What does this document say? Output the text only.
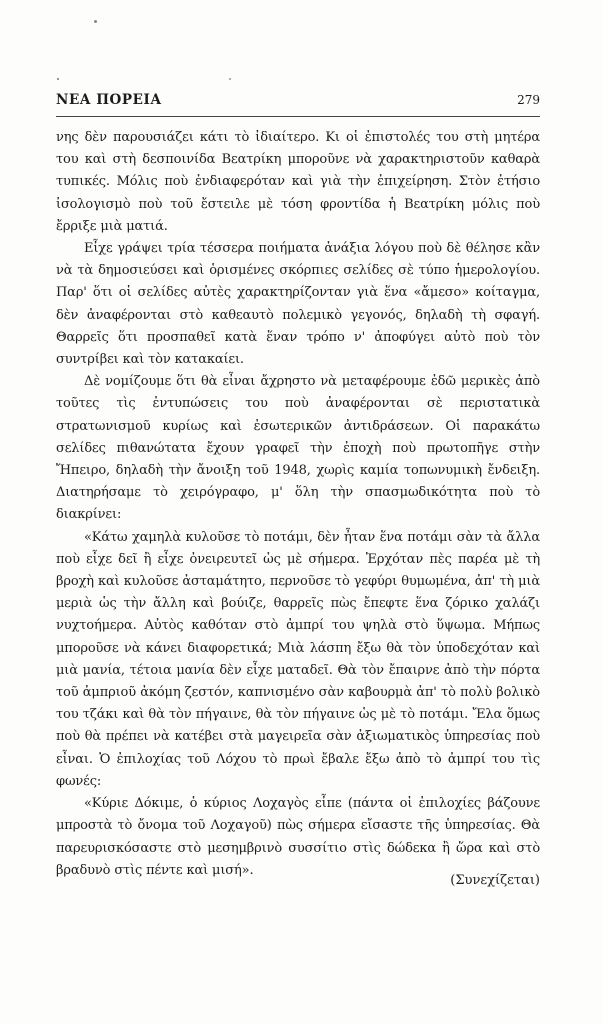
ΝΕΑ ΠΟΡΕΙΑ	279

νης δὲν παρουσιάζει κάτι τὸ ἰδιαίτερο. Κι οἱ ἐπιστολές του στὴ μητέρα του καὶ στὴ δεσποινίδα Βεατρίκη μποροῦνε νὰ χαρακτηριστοῦν καθαρὰ τυπικές. Μόλις ποὺ ἐνδιαφερόταν καὶ γιὰ τὴν ἐπιχείρηση. Στὸν ἐτήσιο ἰσολογισμὸ ποὺ τοῦ ἔστειλε μὲ τόση φροντίδα ἡ Βεατρίκη μόλις ποὺ ἔρριξε μιὰ ματιά.

Εἶχε γράψει τρία τέσσερα ποιήματα ἀνάξια λόγου ποὺ δὲ θέλησε κἂν νὰ τὰ δημοσιεύσει καὶ ὁρισμένες σκόρπιες σελίδες σὲ τύπο ἡμερολογίου. Παρ' ὅτι οἱ σελίδες αὐτὲς χαρακτηρίζονταν γιὰ ἕνα «ἄμεσο» κοίταγμα, δὲν ἀναφέρονται στὸ καθεαυτὸ πολεμικὸ γεγονός, δηλαδὴ τὴ σφαγή. Θαρρεῖς ὅτι προσπαθεῖ κατὰ ἕναν τρόπο ν' ἀποφύγει αὐτὸ ποὺ τὸν συντρίβει καὶ τὸν κατακαίει.

Δὲ νομίζουμε ὅτι θὰ εἶναι ἄχρηστο νὰ μεταφέρουμε ἐδῶ μερικὲς ἀπὸ τοῦτες τὶς ἐντυπώσεις του ποὺ ἀναφέρονται σὲ περιστατικὰ στρατωνισμοῦ κυρίως καὶ ἐσωτερικῶν ἀντιδράσεων. Οἱ παρακάτω σελίδες πιθανώτατα ἔχουν γραφεῖ τὴν ἐποχὴ ποὺ πρωτοπῆγε στὴν Ἤπειρο, δηλαδὴ τὴν ἄνοιξη τοῦ 1948, χωρὶς καμία τοπωνυμικὴ ἔνδειξη. Διατηρήσαμε τὸ χειρόγραφο, μ' ὅλη τὴν σπασμωδικότητα ποὺ τὸ διακρίνει:

«Κάτω χαμηλὰ κυλοῦσε τὸ ποτάμι, δὲν ἦταν ἕνα ποτάμι σὰν τὰ ἄλλα ποὺ εἶχε δεῖ ἢ εἶχε ὀνειρευτεῖ ὡς μὲ σήμερα. Ἐρχόταν πὲς παρέα μὲ τὴ βροχὴ καὶ κυλοῦσε ἀσταμάτητο, περνοῦσε τὸ γεφύρι θυμωμένα, ἀπ' τὴ μιὰ μεριὰ ὡς τὴν ἄλλη καὶ βούιζε, θαρρεῖς πὼς ἔπεφτε ἕνα ζόρικο χαλάζι νυχτοήμερα. Αὐτὸς καθόταν στὸ ἀμπρί του ψηλὰ στὸ ὕψωμα. Μήπως μποροῦσε νὰ κάνει διαφορετικά; Μιὰ λάσπη ἔξω θὰ τὸν ὑποδεχόταν καὶ μιὰ μανία, τέτοια μανία δὲν εἶχε ματαδεῖ. Θὰ τὸν ἔπαιρνε ἀπὸ τὴν πόρτα τοῦ ἀμπριοῦ ἀκόμη ζεστόν, καπνισμένο σὰν καβουρμὰ ἀπ' τὸ πολὺ βολικὸ του τζάκι καὶ θὰ τὸν πήγαινε, θὰ τὸν πήγαινε ὡς μὲ τὸ ποτάμι. Ἔλα ὅμως ποὺ θὰ πρέπει νὰ κατέβει στὰ μαγειρεῖα σὰν ἀξιωματικὸς ὑπηρεσίας ποὺ εἶναι. Ὁ ἐπιλοχίας τοῦ Λόχου τὸ πρωὶ ἔβαλε ἔξω ἀπὸ τὸ ἀμπρί του τὶς φωνές:

«Κύριε Δόκιμε, ὁ κύριος Λοχαγὸς εἶπε (πάντα οἱ ἐπιλοχίες βάζουνε μπροστὰ τὸ ὄνομα τοῦ Λοχαγοῦ) πὼς σήμερα εἴσαστε τῆς ὑπηρεσίας. Θὰ παρευρισκόσαστε στὸ μεσημβρινὸ συσσίτιο στὶς δώδεκα ἢ ὥρα καὶ στὸ βραδυνὸ στὶς πέντε καὶ μισή».

(Συνεχίζεται)
